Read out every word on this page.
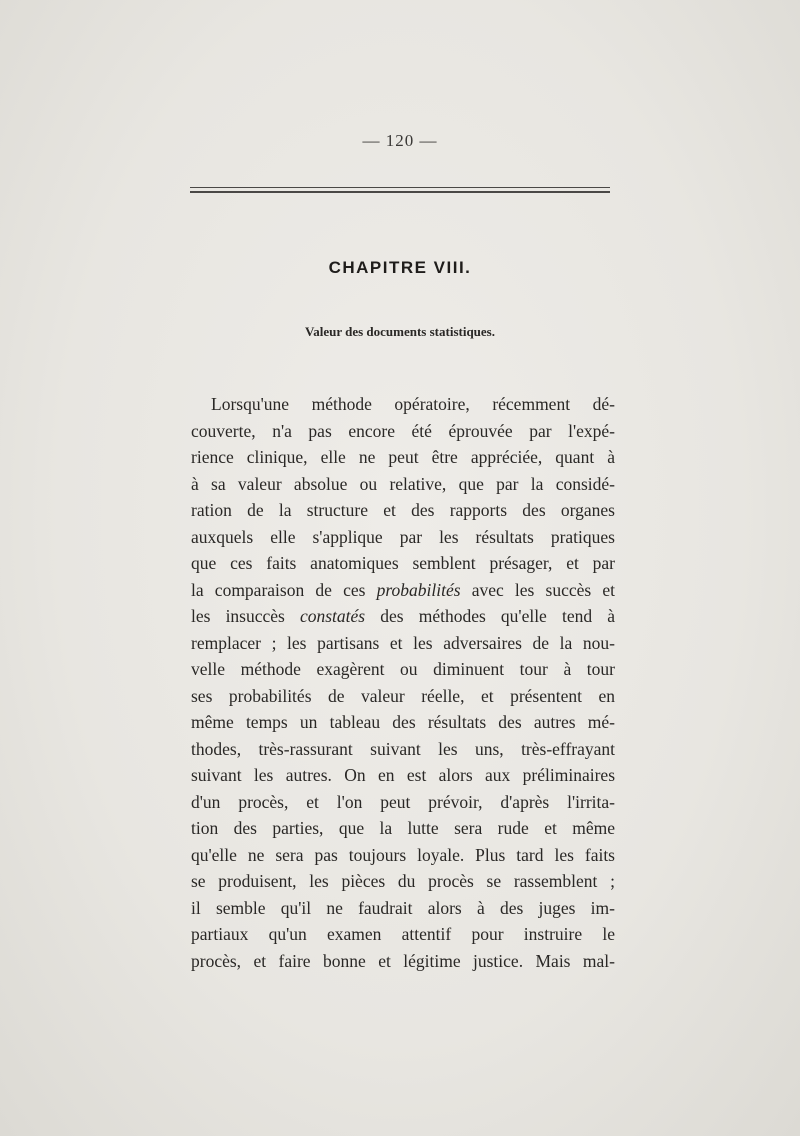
— 120 —
CHAPITRE VIII.
Valeur des documents statistiques.
Lorsqu'une méthode opératoire, récemment dé-
couverte, n'a pas encore été éprouvée par l'expé-
rience clinique, elle ne peut être appréciée, quant à
à sa valeur absolue ou relative, que par la considé-
ration de la structure et des rapports des organes
auxquels elle s'applique par les résultats pratiques
que ces faits anatomiques semblent présager, et par
la comparaison de ces probabilités avec les succès et
les insuccès constatés des méthodes qu'elle tend à
remplacer ; les partisans et les adversaires de la nou-
velle méthode exagèrent ou diminuent tour à tour
ses probabilités de valeur réelle, et présentent en
même temps un tableau des résultats des autres mé-
thodes, très-rassurant suivant les uns, très-effrayant
suivant les autres. On en est alors aux préliminaires
d'un procès, et l'on peut prévoir, d'après l'irrita-
tion des parties, que la lutte sera rude et même
qu'elle ne sera pas toujours loyale. Plus tard les faits
se produisent, les pièces du procès se rassemblent ;
il semble qu'il ne faudrait alors à des juges im-
partiaux qu'un examen attentif pour instruire le
procès, et faire bonne et légitime justice. Mais mal-
